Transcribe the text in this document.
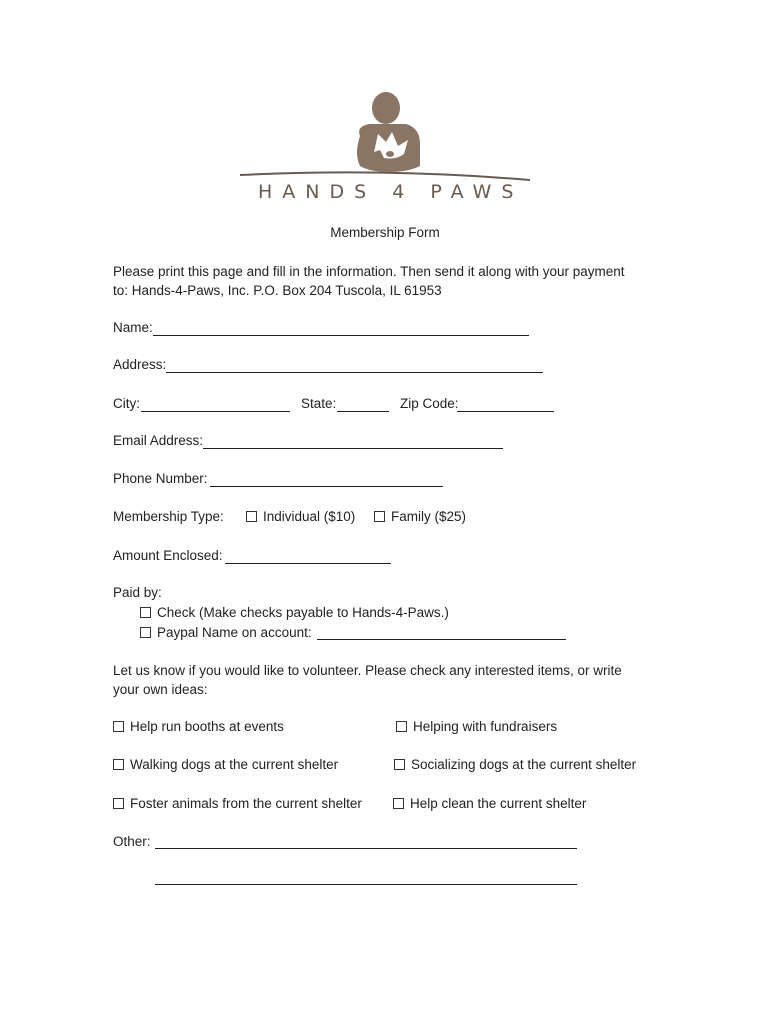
HANDS 4 PAWS
Membership Form
Please print this page and fill in the information. Then send it along with your payment
to: Hands-4-Paws, Inc. P.O. Box 204 Tuscola, IL 61953
Name:
Address:
City:	State:	Zip Code:
Email Address:
Phone Number:
Membership Type:	Individual ($10)	Family ($25)
Amount Enclosed:
Paid by:
Check (Make checks payable to Hands-4-Paws.)
Paypal Name on account:
Let us know if you would like to volunteer. Please check any interested items, or write
your own ideas:
Help run booths at events	Helping with fundraisers
Walking dogs at the current shelter	Socializing dogs at the current shelter
Foster animals from the current shelter	Help clean the current shelter
Other:
